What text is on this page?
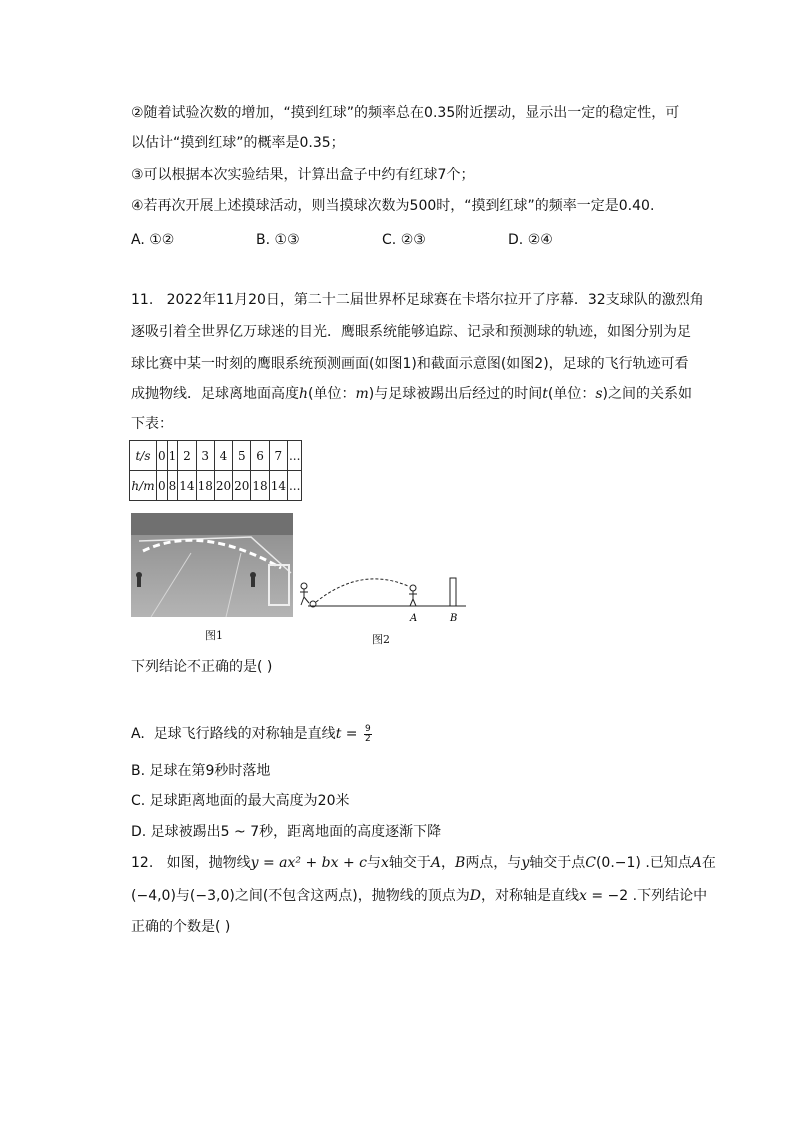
②随着试验次数的增加，“摸到红球”的频率总在0.35附近摆动，显示出一定的稳定性，可
以估计“摸到红球”的概率是0.35；
③可以根据本次实验结果，计算出盒子中约有红球7个；
④若再次开展上述摸球活动，则当摸球次数为500时，“摸到红球”的频率一定是0.40.
A. ①②	B. ①③	C. ②③	D. ②④
11. 2022年11月20日，第二十二届世界杯足球赛在卡塔尔拉开了序幕．32支球队的激烈角
逐吸引着全世界亿万球迷的目光．鹰眼系统能够追踪、记录和预测球的轨迹，如图分别为足
球比赛中某一时刻的鹰眼系统预测画面(如图1)和截面示意图(如图2)，足球的飞行轨迹可看
成抛物线．足球离地面高度h(单位：m)与足球被踢出后经过的时间t(单位：s)之间的关系如
下表：
t/s	0	1	2	3	4	5	6	7	...
h/m	0	8	14	18	20	20	18	14	...
图1
A	B
图2
下列结论不正确的是( )
A. 足球飞行路线的对称轴是直线$t = \frac{9}{2}$
B. 足球在第9秒时落地
C. 足球距离地面的最大高度为20米
D. 足球被踢出5 ~ 7秒，距离地面的高度逐渐下降
12. 如图，抛物线y = ax² + bx + c与x轴交于A，B两点，与y轴交于点C(0.−1) .已知点A在
(−4,0)与(−3,0)之间(不包含这两点)，抛物线的顶点为D，对称轴是直线x = −2 .下列结论中
正确的个数是( )
